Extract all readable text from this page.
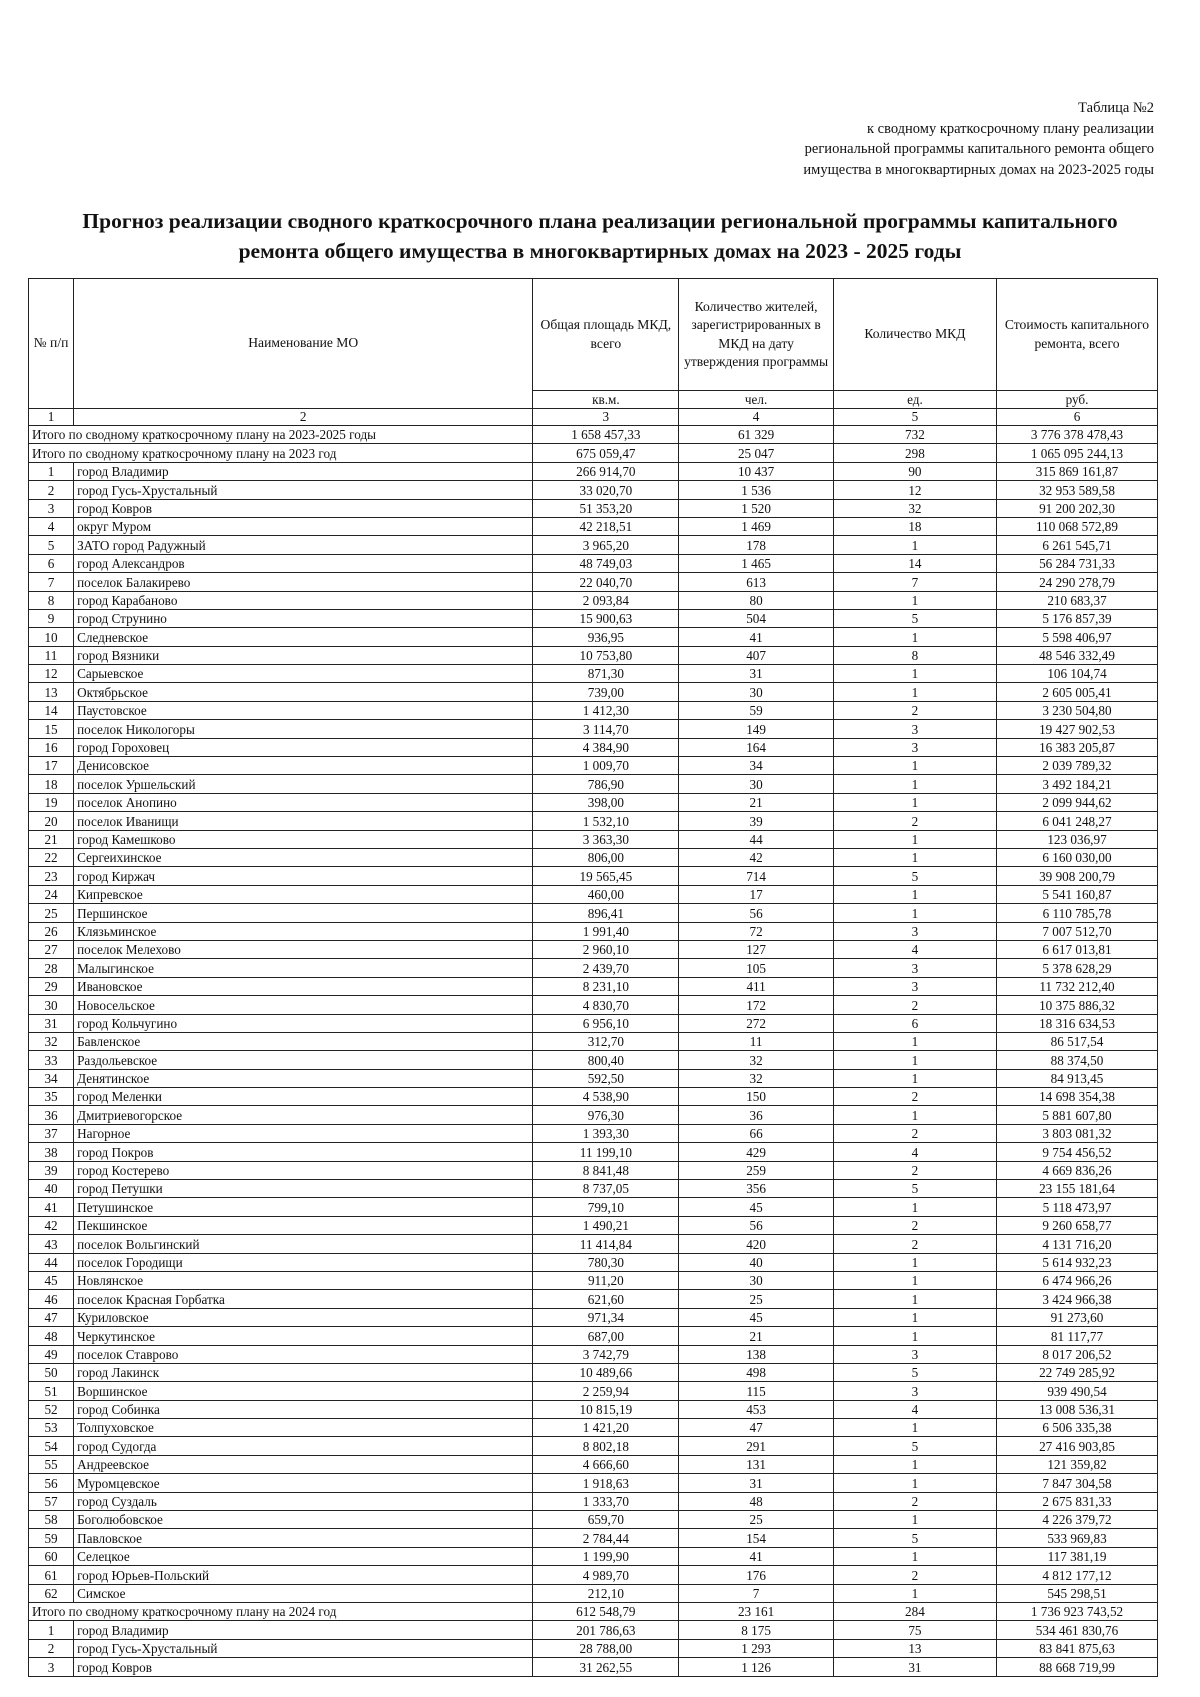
Таблица №2
к сводному краткосрочному плану реализации
региональной программы капитального ремонта общего
имущества в многоквартирных домах на 2023-2025 годы
Прогноз реализации сводного краткосрочного плана реализации региональной программы капитального
ремонта общего имущества в многоквартирных домах на 2023 - 2025 годы
№ п/п	Наименование МО	Общая площадь МКД, всего	Количество жителей, зарегистрированных в МКД на дату утверждения программы	Количество МКД	Стоимость капитального ремонта, всего
		кв.м.	чел.	ед.	руб.
1	2	3	4	5	6
Итого по сводному краткосрочному плану на 2023-2025 годы		1 658 457,33	61 329	732	3 776 378 478,43
Итого по сводному краткосрочному плану на 2023 год		675 059,47	25 047	298	1 065 095 244,13
1	город Владимир	266 914,70	10 437	90	315 869 161,87
2	город Гусь-Хрустальный	33 020,70	1 536	12	32 953 589,58
3	город Ковров	51 353,20	1 520	32	91 200 202,30
4	округ Муром	42 218,51	1 469	18	110 068 572,89
5	ЗАТО город Радужный	3 965,20	178	1	6 261 545,71
6	город Александров	48 749,03	1 465	14	56 284 731,33
7	поселок Балакирево	22 040,70	613	7	24 290 278,79
8	город Карабаново	2 093,84	80	1	210 683,37
9	город Струнино	15 900,63	504	5	5 176 857,39
10	Следневское	936,95	41	1	5 598 406,97
11	город Вязники	10 753,80	407	8	48 546 332,49
12	Сарыевское	871,30	31	1	106 104,74
13	Октябрьское	739,00	30	1	2 605 005,41
14	Паустовское	1 412,30	59	2	3 230 504,80
15	поселок Никологоры	3 114,70	149	3	19 427 902,53
16	город Гороховец	4 384,90	164	3	16 383 205,87
17	Денисовское	1 009,70	34	1	2 039 789,32
18	поселок Уршельский	786,90	30	1	3 492 184,21
19	поселок Анопино	398,00	21	1	2 099 944,62
20	поселок Иванищи	1 532,10	39	2	6 041 248,27
21	город Камешково	3 363,30	44	1	123 036,97
22	Сергеихинское	806,00	42	1	6 160 030,00
23	город Киржач	19 565,45	714	5	39 908 200,79
24	Кипревское	460,00	17	1	5 541 160,87
25	Першинское	896,41	56	1	6 110 785,78
26	Клязьминское	1 991,40	72	3	7 007 512,70
27	поселок Мелехово	2 960,10	127	4	6 617 013,81
28	Малыгинское	2 439,70	105	3	5 378 628,29
29	Ивановское	8 231,10	411	3	11 732 212,40
30	Новосельское	4 830,70	172	2	10 375 886,32
31	город Кольчугино	6 956,10	272	6	18 316 634,53
32	Бавленское	312,70	11	1	86 517,54
33	Раздольевское	800,40	32	1	88 374,50
34	Денятинское	592,50	32	1	84 913,45
35	город Меленки	4 538,90	150	2	14 698 354,38
36	Дмитриевогорское	976,30	36	1	5 881 607,80
37	Нагорное	1 393,30	66	2	3 803 081,32
38	город Покров	11 199,10	429	4	9 754 456,52
39	город Костерево	8 841,48	259	2	4 669 836,26
40	город Петушки	8 737,05	356	5	23 155 181,64
41	Петушинское	799,10	45	1	5 118 473,97
42	Пекшинское	1 490,21	56	2	9 260 658,77
43	поселок Вольгинский	11 414,84	420	2	4 131 716,20
44	поселок Городищи	780,30	40	1	5 614 932,23
45	Новлянское	911,20	30	1	6 474 966,26
46	поселок Красная Горбатка	621,60	25	1	3 424 966,38
47	Куриловское	971,34	45	1	91 273,60
48	Черкутинское	687,00	21	1	81 117,77
49	поселок Ставрово	3 742,79	138	3	8 017 206,52
50	город Лакинск	10 489,66	498	5	22 749 285,92
51	Воршинское	2 259,94	115	3	939 490,54
52	город Собинка	10 815,19	453	4	13 008 536,31
53	Толпуховское	1 421,20	47	1	6 506 335,38
54	город Судогда	8 802,18	291	5	27 416 903,85
55	Андреевское	4 666,60	131	1	121 359,82
56	Муромцевское	1 918,63	31	1	7 847 304,58
57	город Суздаль	1 333,70	48	2	2 675 831,33
58	Боголюбовское	659,70	25	1	4 226 379,72
59	Павловское	2 784,44	154	5	533 969,83
60	Селецкое	1 199,90	41	1	117 381,19
61	город Юрьев-Польский	4 989,70	176	2	4 812 177,12
62	Симское	212,10	7	1	545 298,51
Итого по сводному краткосрочному плану на 2024 год		612 548,79	23 161	284	1 736 923 743,52
1	город Владимир	201 786,63	8 175	75	534 461 830,76
2	город Гусь-Хрустальный	28 788,00	1 293	13	83 841 875,63
3	город Ковров	31 262,55	1 126	31	88 668 719,99
